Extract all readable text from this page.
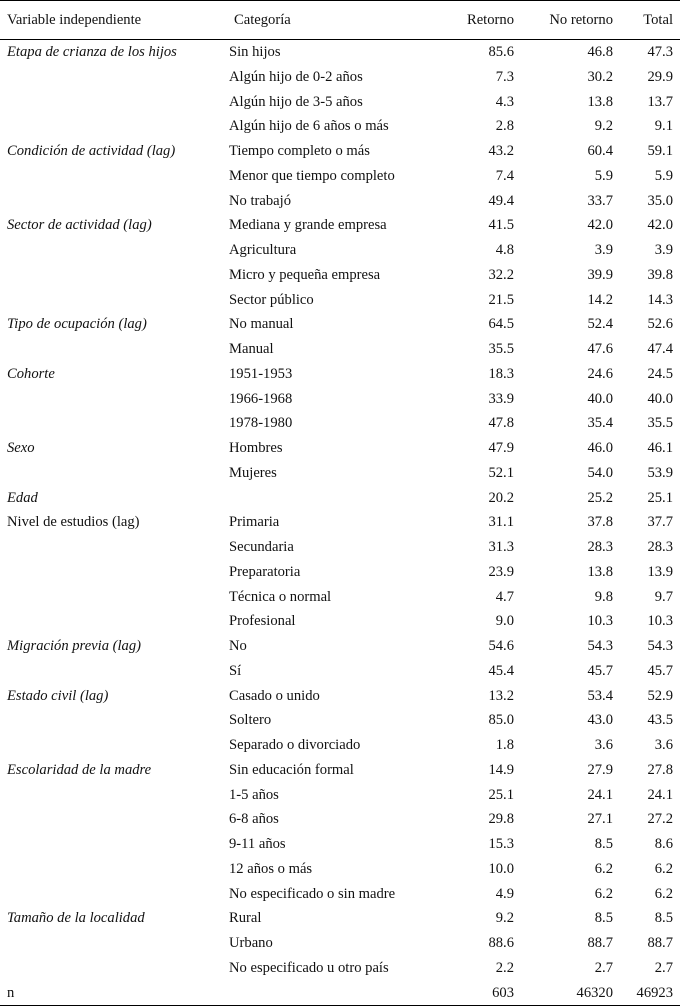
Variable independiente	Categoría	Retorno	No retorno	Total
Etapa de crianza de los hijos	Sin hijos	85.6	46.8	47.3
	Algún hijo de 0-2 años	7.3	30.2	29.9
	Algún hijo de 3-5 años	4.3	13.8	13.7
	Algún hijo de 6 años o más	2.8	9.2	9.1
Condición de actividad (lag)	Tiempo completo o más	43.2	60.4	59.1
	Menor que tiempo completo	7.4	5.9	5.9
	No trabajó	49.4	33.7	35.0
Sector de actividad (lag)	Mediana y grande empresa	41.5	42.0	42.0
	Agricultura	4.8	3.9	3.9
	Micro y pequeña empresa	32.2	39.9	39.8
	Sector público	21.5	14.2	14.3
Tipo de ocupación (lag)	No manual	64.5	52.4	52.6
	Manual	35.5	47.6	47.4
Cohorte	1951-1953	18.3	24.6	24.5
	1966-1968	33.9	40.0	40.0
	1978-1980	47.8	35.4	35.5
Sexo	Hombres	47.9	46.0	46.1
	Mujeres	52.1	54.0	53.9
Edad		20.2	25.2	25.1
Nivel de estudios (lag)	Primaria	31.1	37.8	37.7
	Secundaria	31.3	28.3	28.3
	Preparatoria	23.9	13.8	13.9
	Técnica o normal	4.7	9.8	9.7
	Profesional	9.0	10.3	10.3
Migración previa (lag)	No	54.6	54.3	54.3
	Sí	45.4	45.7	45.7
Estado civil (lag)	Casado o unido	13.2	53.4	52.9
	Soltero	85.0	43.0	43.5
	Separado o divorciado	1.8	3.6	3.6
Escolaridad de la madre	Sin educación formal	14.9	27.9	27.8
	1-5 años	25.1	24.1	24.1
	6-8 años	29.8	27.1	27.2
	9-11 años	15.3	8.5	8.6
	12 años o más	10.0	6.2	6.2
	No especificado o sin madre	4.9	6.2	6.2
Tamaño de la localidad	Rural	9.2	8.5	8.5
	Urbano	88.6	88.7	88.7
	No especificado u otro país	2.2	2.7	2.7
n		603	46320	46923
